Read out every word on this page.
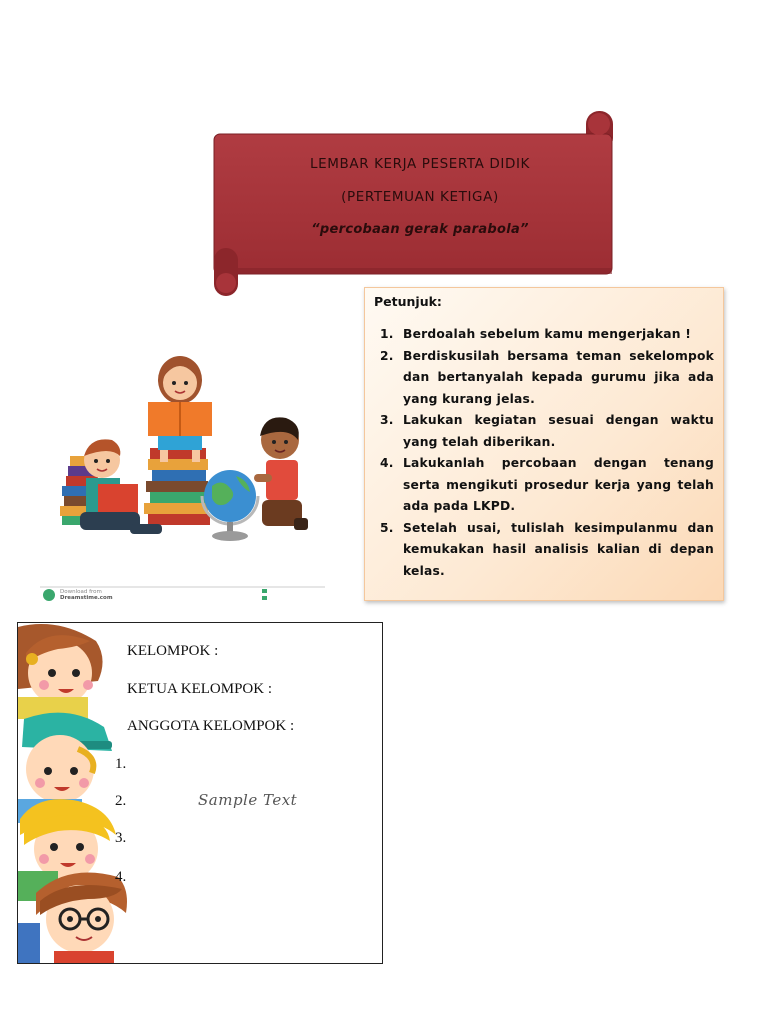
LEMBAR KERJA PESERTA DIDIK
(PERTEMUAN KETIGA)
“percobaan gerak parabola”
Download from
Dreamstime.com
Petunjuk:
1. Berdoalah sebelum kamu mengerjakan !
2. Berdiskusilah bersama teman sekelompok dan bertanyalah kepada gurumu jika ada yang kurang jelas.
3. Lakukan kegiatan sesuai dengan waktu yang telah diberikan.
4. Lakukanlah percobaan dengan tenang serta mengikuti prosedur kerja yang telah ada pada LKPD.
5. Setelah usai, tulislah kesimpulanmu dan kemukakan hasil analisis kalian di depan kelas.
KELOMPOK :
KETUA KELOMPOK :
ANGGOTA KELOMPOK :
1.
2.
3.
4.
Sample Text
